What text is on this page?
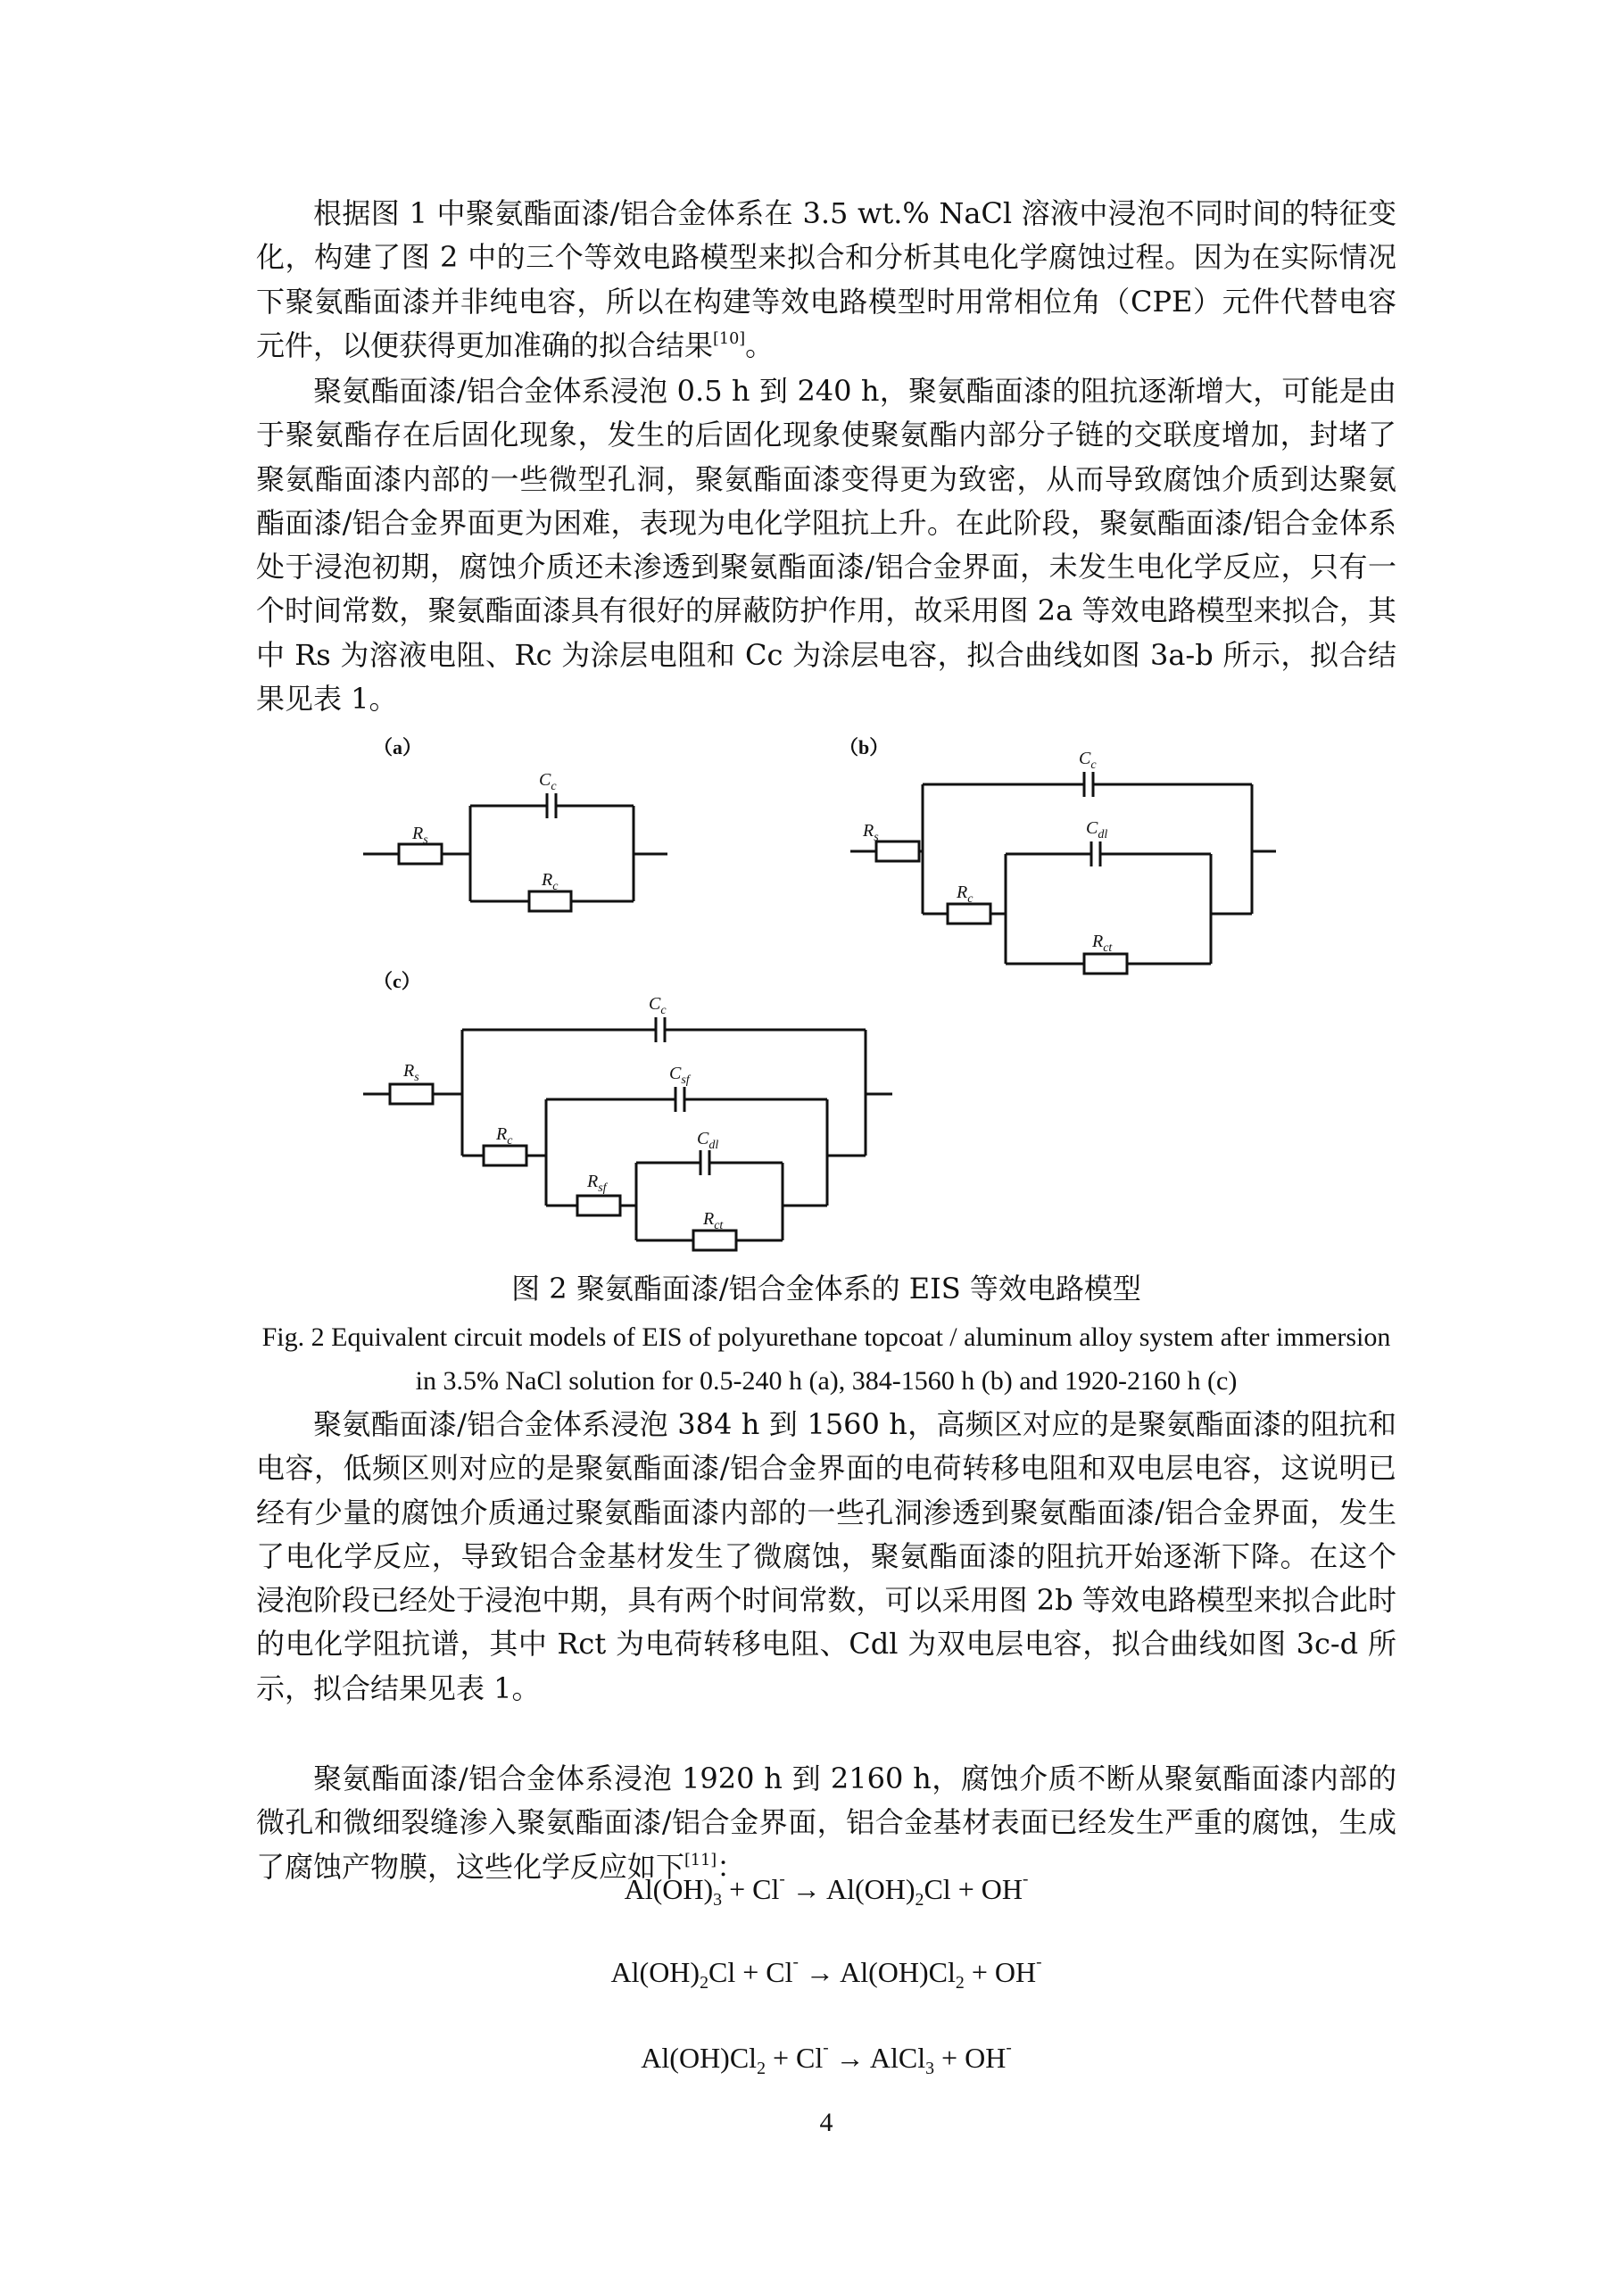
根据图 1 中聚氨酯面漆/铝合金体系在 3.5 wt.% NaCl 溶液中浸泡不同时间的特征变化，构建了图 2 中的三个等效电路模型来拟合和分析其电化学腐蚀过程。因为在实际情况下聚氨酯面漆并非纯电容，所以在构建等效电路模型时用常相位角（CPE）元件代替电容元件，以便获得更加准确的拟合结果[10]。

聚氨酯面漆/铝合金体系浸泡 0.5 h 到 240 h，聚氨酯面漆的阻抗逐渐增大，可能是由于聚氨酯存在后固化现象，发生的后固化现象使聚氨酯内部分子链的交联度增加，封堵了聚氨酯面漆内部的一些微型孔洞，聚氨酯面漆变得更为致密，从而导致腐蚀介质到达聚氨酯面漆/铝合金界面更为困难，表现为电化学阻抗上升。在此阶段，聚氨酯面漆/铝合金体系处于浸泡初期，腐蚀介质还未渗透到聚氨酯面漆/铝合金界面，未发生电化学反应，只有一个时间常数，聚氨酯面漆具有很好的屏蔽防护作用，故采用图 2a 等效电路模型来拟合，其中 Rs 为溶液电阻、Rc 为涂层电阻和 Cc 为涂层电容，拟合曲线如图 3a-b 所示，拟合结果见表 1。

（a）	（b）
（c）
$R_s$
$C_c$
$R_c$
$R_s$
$C_c$
$C_{dl}$
$R_c$
$R_{ct}$
$R_s$
$C_c$
$C_{sf}$
$R_c$
$R_{sf}$
$C_{dl}$
$R_{ct}$

图 2 聚氨酯面漆/铝合金体系的 EIS 等效电路模型

Fig. 2 Equivalent circuit models of EIS of polyurethane topcoat / aluminum alloy system after immersion in 3.5% NaCl solution for 0.5-240 h (a), 384-1560 h (b) and 1920-2160 h (c)

聚氨酯面漆/铝合金体系浸泡 384 h 到 1560 h，高频区对应的是聚氨酯面漆的阻抗和电容，低频区则对应的是聚氨酯面漆/铝合金界面的电荷转移电阻和双电层电容，这说明已经有少量的腐蚀介质通过聚氨酯面漆内部的一些孔洞渗透到聚氨酯面漆/铝合金界面，发生了电化学反应，导致铝合金基材发生了微腐蚀，聚氨酯面漆的阻抗开始逐渐下降。在这个浸泡阶段已经处于浸泡中期，具有两个时间常数，可以采用图 2b 等效电路模型来拟合此时的电化学阻抗谱，其中 Rct 为电荷转移电阻、Cdl 为双电层电容，拟合曲线如图 3c-d 所示，拟合结果见表 1。

聚氨酯面漆/铝合金体系浸泡 1920 h 到 2160 h，腐蚀介质不断从聚氨酯面漆内部的微孔和微细裂缝渗入聚氨酯面漆/铝合金界面，铝合金基材表面已经发生严重的腐蚀，生成了腐蚀产物膜，这些化学反应如下[11]：

$Al(OH)_3 + Cl^- \to Al(OH)_2Cl + OH^-$
$Al(OH)_2Cl + Cl^- \to Al(OH)Cl_2 + OH^-$
$Al(OH)Cl_2 + Cl^-$ → AlCl$_3$ + OH-
4
